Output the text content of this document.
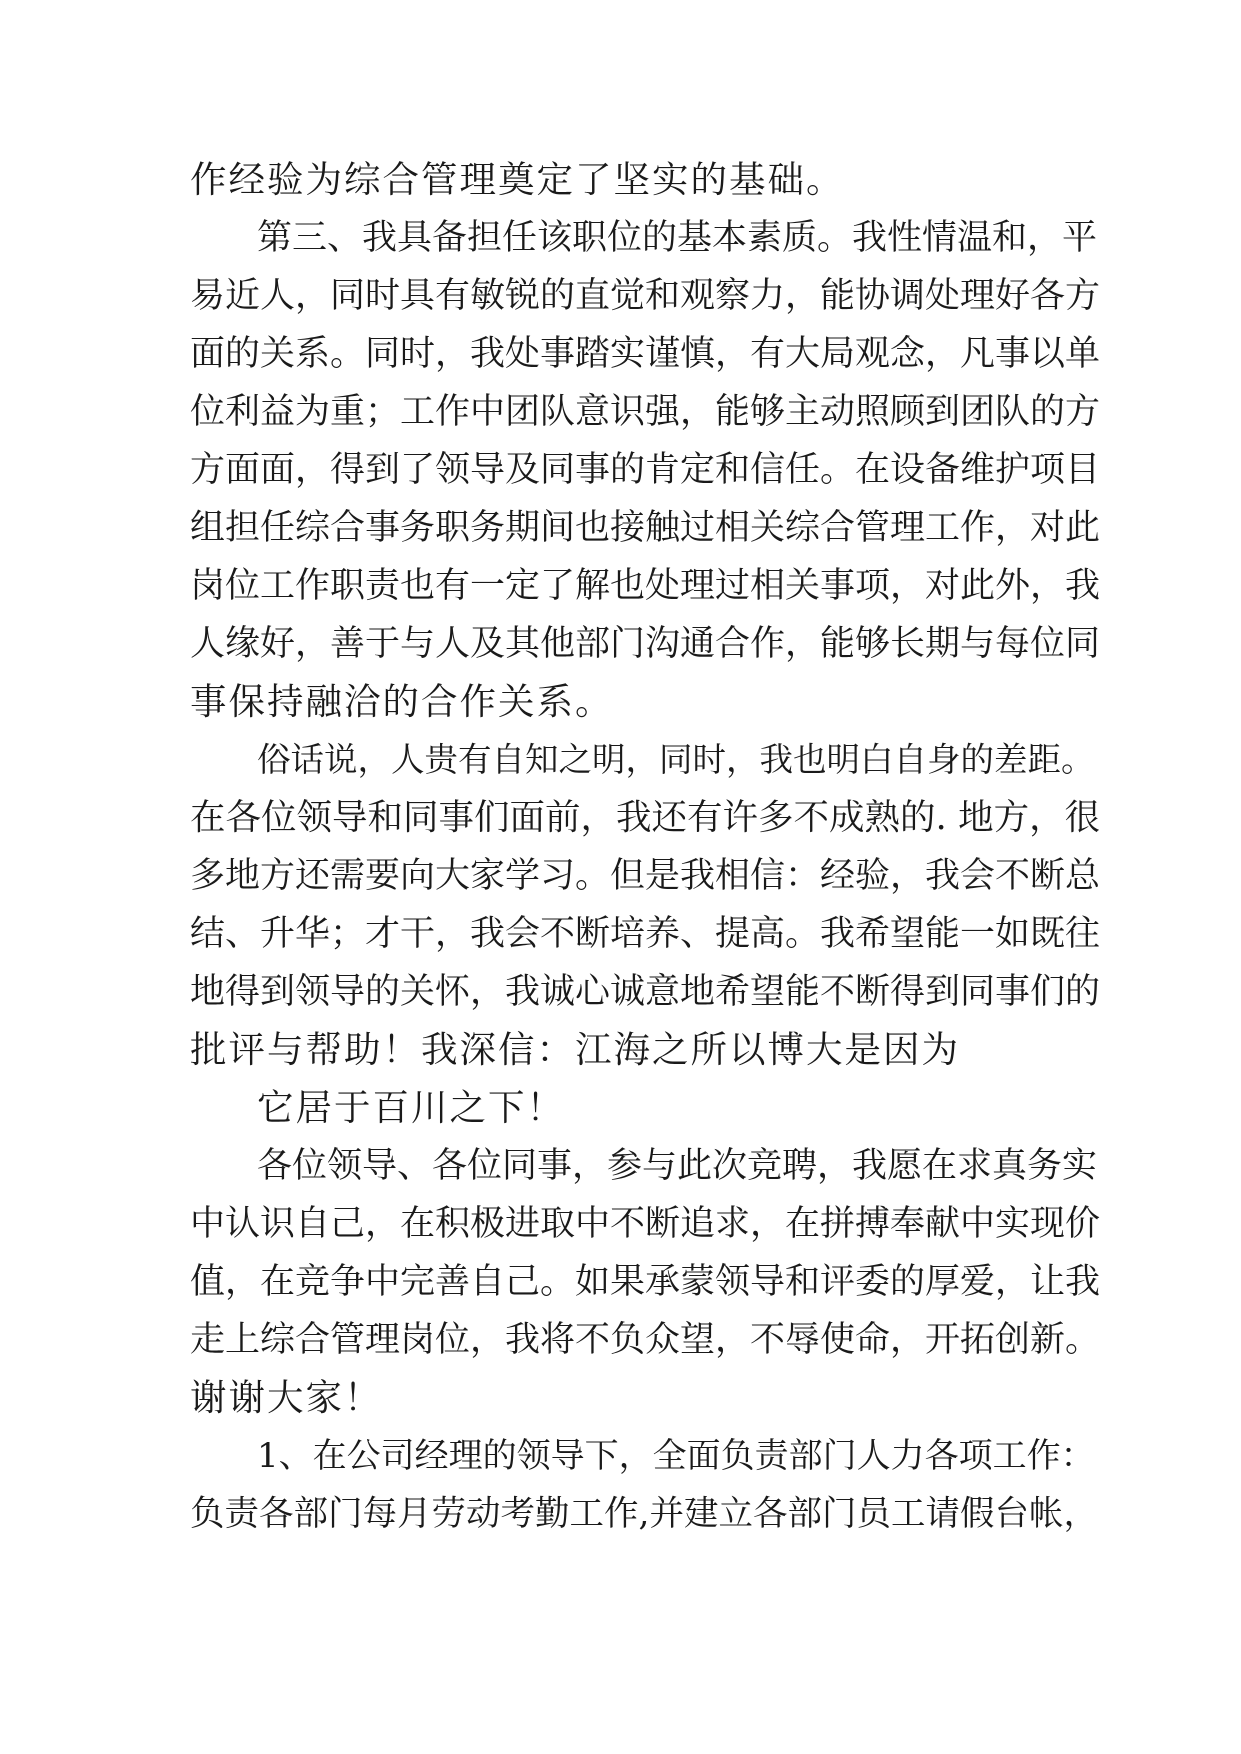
作经验为综合管理奠定了坚实的基础。
第三、我具备担任该职位的基本素质。我性情温和，平
易近人，同时具有敏锐的直觉和观察力，能协调处理好各方
面的关系。同时，我处事踏实谨慎，有大局观念，凡事以单
位利益为重；工作中团队意识强，能够主动照顾到团队的方
方面面，得到了领导及同事的肯定和信任。在设备维护项目
组担任综合事务职务期间也接触过相关综合管理工作，对此
岗位工作职责也有一定了解也处理过相关事项，对此外，我
人缘好，善于与人及其他部门沟通合作，能够长期与每位同
事保持融洽的合作关系。
俗话说，人贵有自知之明，同时，我也明白自身的差距。
在各位领导和同事们面前，我还有许多不成熟的. 地方，很
多地方还需要向大家学习。但是我相信：经验，我会不断总
结、升华；才干，我会不断培养、提高。我希望能一如既往
地得到领导的关怀，我诚心诚意地希望能不断得到同事们的
批评与帮助！我深信：江海之所以博大是因为
它居于百川之下！
各位领导、各位同事，参与此次竞聘，我愿在求真务实
中认识自己，在积极进取中不断追求，在拼搏奉献中实现价
值，在竞争中完善自己。如果承蒙领导和评委的厚爱，让我
走上综合管理岗位，我将不负众望，不辱使命，开拓创新。
谢谢大家！
1、在公司经理的领导下，全面负责部门人力各项工作：
负责各部门每月劳动考勤工作,并建立各部门员工请假台帐，
